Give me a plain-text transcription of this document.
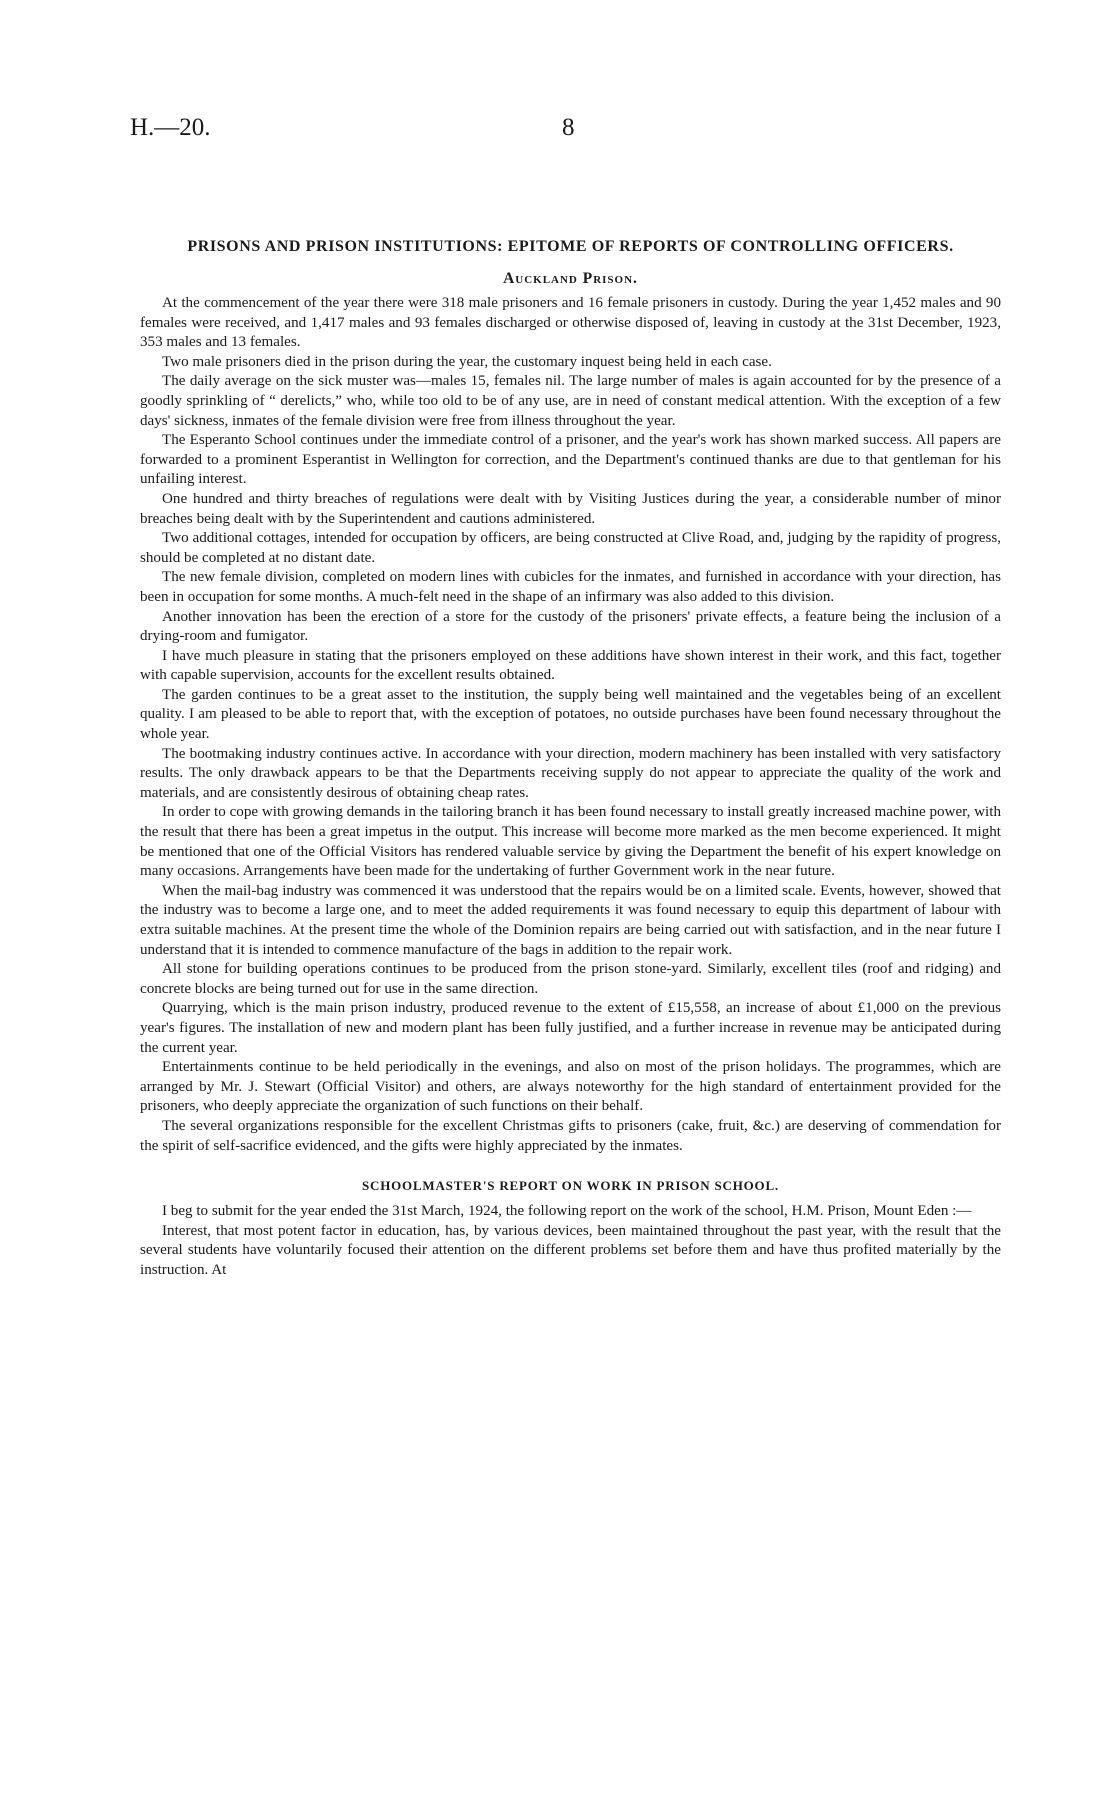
H.—20.	8
PRISONS AND PRISON INSTITUTIONS: EPITOME OF REPORTS OF CONTROLLING OFFICERS.
Auckland Prison.

At the commencement of the year there were 318 male prisoners and 16 female prisoners in custody. During the year 1,452 males and 90 females were received, and 1,417 males and 93 females discharged or otherwise disposed of, leaving in custody at the 31st December, 1923, 353 males and 13 females.

Two male prisoners died in the prison during the year, the customary inquest being held in each case.

The daily average on the sick muster was—males 15, females nil. The large number of males is again accounted for by the presence of a goodly sprinkling of “ derelicts,” who, while too old to be of any use, are in need of constant medical attention. With the exception of a few days' sickness, inmates of the female division were free from illness throughout the year.

The Esperanto School continues under the immediate control of a prisoner, and the year's work has shown marked success. All papers are forwarded to a prominent Esperantist in Wellington for correction, and the Department's continued thanks are due to that gentleman for his unfailing interest.

One hundred and thirty breaches of regulations were dealt with by Visiting Justices during the year, a considerable number of minor breaches being dealt with by the Superintendent and cautions administered.

Two additional cottages, intended for occupation by officers, are being constructed at Clive Road, and, judging by the rapidity of progress, should be completed at no distant date.

The new female division, completed on modern lines with cubicles for the inmates, and furnished in accordance with your direction, has been in occupation for some months. A much-felt need in the shape of an infirmary was also added to this division.

Another innovation has been the erection of a store for the custody of the prisoners' private effects, a feature being the inclusion of a drying-room and fumigator.

I have much pleasure in stating that the prisoners employed on these additions have shown interest in their work, and this fact, together with capable supervision, accounts for the excellent results obtained.

The garden continues to be a great asset to the institution, the supply being well maintained and the vegetables being of an excellent quality. I am pleased to be able to report that, with the exception of potatoes, no outside purchases have been found necessary throughout the whole year.

The bootmaking industry continues active. In accordance with your direction, modern machinery has been installed with very satisfactory results. The only drawback appears to be that the Departments receiving supply do not appear to appreciate the quality of the work and materials, and are consistently desirous of obtaining cheap rates.

In order to cope with growing demands in the tailoring branch it has been found necessary to install greatly increased machine power, with the result that there has been a great impetus in the output. This increase will become more marked as the men become experienced. It might be mentioned that one of the Official Visitors has rendered valuable service by giving the Department the benefit of his expert knowledge on many occasions. Arrangements have been made for the undertaking of further Government work in the near future.

When the mail-bag industry was commenced it was understood that the repairs would be on a limited scale. Events, however, showed that the industry was to become a large one, and to meet the added requirements it was found necessary to equip this department of labour with extra suitable machines. At the present time the whole of the Dominion repairs are being carried out with satisfaction, and in the near future I understand that it is intended to commence manufacture of the bags in addition to the repair work.

All stone for building operations continues to be produced from the prison stone-yard. Similarly, excellent tiles (roof and ridging) and concrete blocks are being turned out for use in the same direction.

Quarrying, which is the main prison industry, produced revenue to the extent of £15,558, an increase of about £1,000 on the previous year's figures. The installation of new and modern plant has been fully justified, and a further increase in revenue may be anticipated during the current year.

Entertainments continue to be held periodically in the evenings, and also on most of the prison holidays. The programmes, which are arranged by Mr. J. Stewart (Official Visitor) and others, are always noteworthy for the high standard of entertainment provided for the prisoners, who deeply appreciate the organization of such functions on their behalf.

The several organizations responsible for the excellent Christmas gifts to prisoners (cake, fruit, &c.) are deserving of commendation for the spirit of self-sacrifice evidenced, and the gifts were highly appreciated by the inmates.

SCHOOLMASTER'S REPORT ON WORK IN PRISON SCHOOL.

I beg to submit for the year ended the 31st March, 1924, the following report on the work of the school, H.M. Prison, Mount Eden :—

Interest, that most potent factor in education, has, by various devices, been maintained throughout the past year, with the result that the several students have voluntarily focused their attention on the different problems set before them and have thus profited materially by the instruction. At
